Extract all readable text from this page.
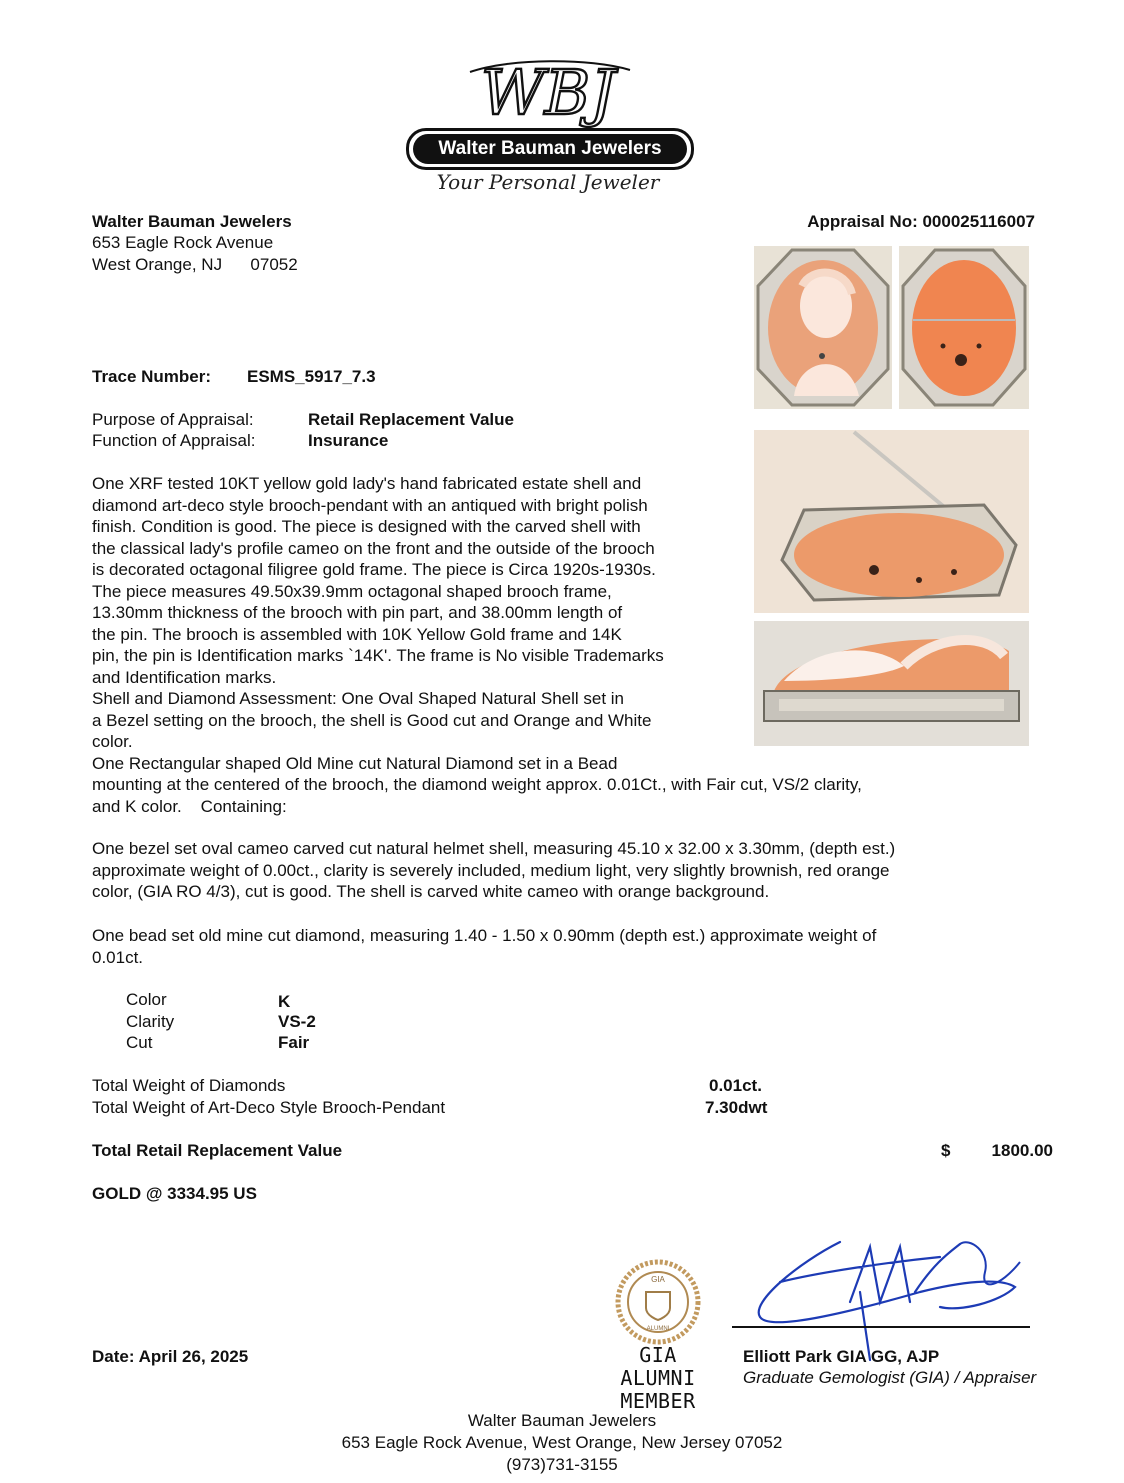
WBJ
Walter Bauman Jewelers
Your Personal Jeweler
Walter Bauman Jewelers
653 Eagle Rock Avenue
West Orange, NJ      07052
Appraisal No: 000025116007
Trace Number: ESMS_5917_7.3
Purpose of Appraisal:	Retail Replacement Value
Function of Appraisal:	Insurance
One XRF tested 10KT yellow gold lady's hand fabricated estate shell and
diamond art-deco style brooch-pendant with an antiqued with bright polish
finish. Condition is good. The piece is designed with the carved shell with
the classical lady's profile cameo on the front and the outside of the brooch
is decorated octagonal filigree gold frame. The piece is Circa 1920s-1930s.
The piece measures 49.50x39.9mm octagonal shaped brooch frame,
13.30mm thickness of the brooch with pin part, and 38.00mm length of
the pin. The brooch is assembled with 10K Yellow Gold frame and 14K
pin, the pin is Identification marks `14K'. The frame is No visible Trademarks
and Identification marks.
Shell and Diamond Assessment: One Oval Shaped Natural Shell set in
a Bezel setting on the brooch, the shell is Good cut and Orange and White
color.
One Rectangular shaped Old Mine cut Natural Diamond set in a Bead
mounting at the centered of the brooch, the diamond weight approx. 0.01Ct., with Fair cut, VS/2 clarity,
and K color.    Containing:
One bezel set oval cameo carved cut natural helmet shell, measuring 45.10 x 32.00 x 3.30mm, (depth est.)
approximate weight of 0.00ct., clarity is severely included, medium light, very slightly brownish, red orange
color, (GIA RO 4/3), cut is good. The shell is carved white cameo with orange background.
One bead set old mine cut diamond, measuring 1.40 - 1.50 x 0.90mm (depth est.) approximate weight of
0.01ct.
Color	K
Clarity	VS-2
Cut	Fair
Total Weight of Diamonds	0.01ct.
Total Weight of Art-Deco Style Brooch-Pendant	7.30dwt
Total Retail Replacement Value	$ 1800.00
GOLD @ 3334.95 US
Date: April 26, 2025
GIA
ALUMNI
GIA ALUMNI
MEMBER
Elliott Park GIA GG, AJP
Graduate Gemologist (GIA) / Appraiser
Walter Bauman Jewelers
653 Eagle Rock Avenue, West Orange, New Jersey 07052
(973)731-3155
